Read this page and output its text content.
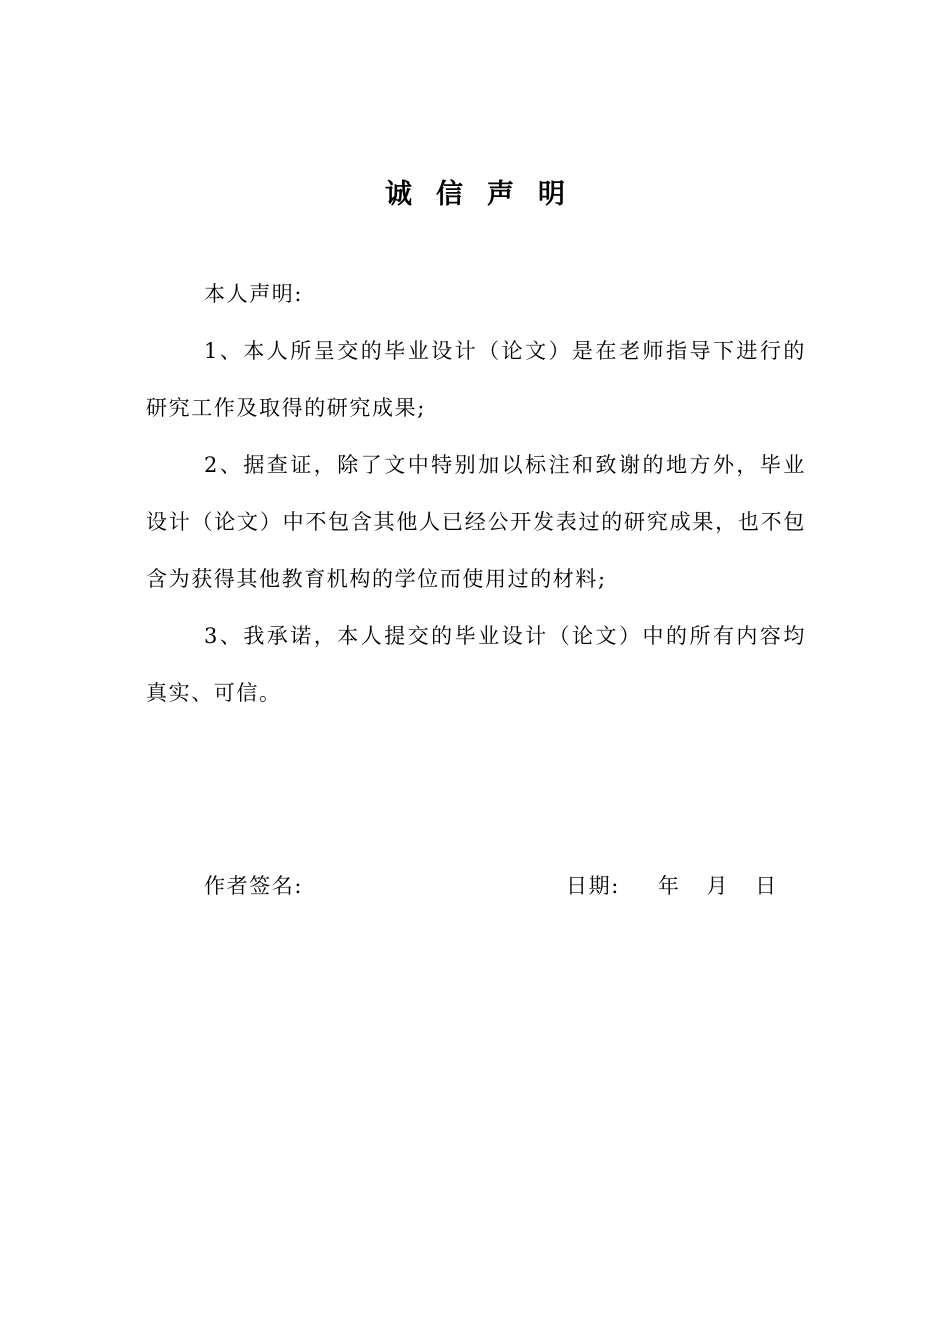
诚 信 声 明

本人声明:

1、本人所呈交的毕业设计（论文）是在老师指导下进行的研究工作及取得的研究成果;

2、据查证，除了文中特别加以标注和致谢的地方外，毕业设计（论文）中不包含其他人已经公开发表过的研究成果，也不包含为获得其他教育机构的学位而使用过的材料;

3、我承诺，本人提交的毕业设计（论文）中的所有内容均真实、可信。

作者签名:	日期: 年 月 日
